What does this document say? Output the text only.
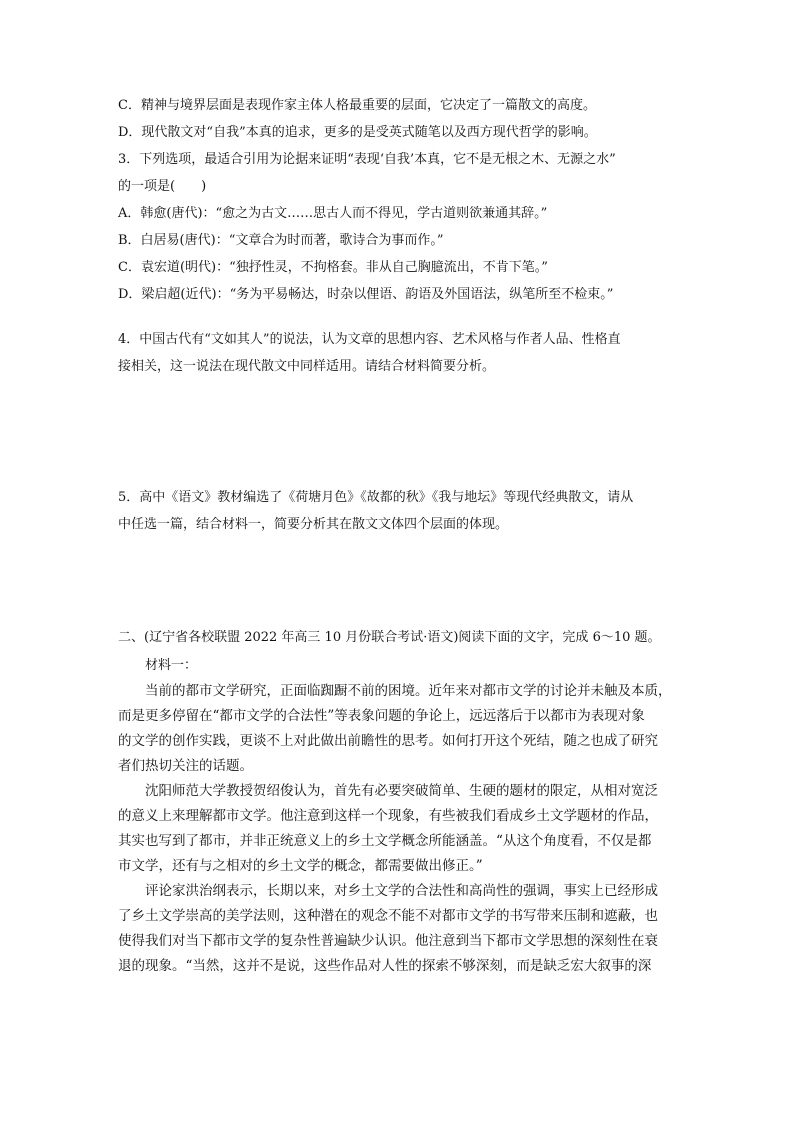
C．精神与境界层面是表现作家主体人格最重要的层面，它决定了一篇散文的高度。

D．现代散文对“自我”本真的追求，更多的是受英式随笔以及西方现代哲学的影响。

3．下列选项，最适合引用为论据来证明“表现‘自我’本真，它不是无根之木、无源之水”

的一项是(　　)

A．韩愈(唐代)：“愈之为古文……思古人而不得见，学古道则欲兼通其辞。”

B．白居易(唐代)：“文章合为时而著，歌诗合为事而作。”

C．袁宏道(明代)：“独抒性灵，不拘格套。非从自己胸臆流出，不肯下笔。”

D．梁启超(近代)：“务为平易畅达，时杂以俚语、韵语及外国语法，纵笔所至不检束。”

4．中国古代有“文如其人”的说法，认为文章的思想内容、艺术风格与作者人品、性格直

接相关，这一说法在现代散文中同样适用。请结合材料简要分析。

5．高中《语文》教材编选了《荷塘月色》《故都的秋》《我与地坛》等现代经典散文，请从

中任选一篇，结合材料一，简要分析其在散文文体四个层面的体现。

二、(辽宁省各校联盟 2022 年高三 10 月份联合考试·语文)阅读下面的文字，完成 6～10 题。

材料一：

当前的都市文学研究，正面临踟蹰不前的困境。近年来对都市文学的讨论并未触及本质，
而是更多停留在“都市文学的合法性”等表象问题的争论上，远远落后于以都市为表现对象
的文学的创作实践，更谈不上对此做出前瞻性的思考。如何打开这个死结，随之也成了研究
者们热切关注的话题。
沈阳师范大学教授贺绍俊认为，首先有必要突破简单、生硬的题材的限定，从相对宽泛
的意义上来理解都市文学。他注意到这样一个现象，有些被我们看成乡土文学题材的作品，
其实也写到了都市，并非正统意义上的乡土文学概念所能涵盖。“从这个角度看，不仅是都
市文学，还有与之相对的乡土文学的概念，都需要做出修正。”
评论家洪治纲表示，长期以来，对乡土文学的合法性和高尚性的强调，事实上已经形成
了乡土文学崇高的美学法则，这种潜在的观念不能不对都市文学的书写带来压制和遮蔽，也
使得我们对当下都市文学的复杂性普遍缺少认识。他注意到当下都市文学思想的深刻性在衰
退的现象。“当然，这并不是说，这些作品对人性的探索不够深刻，而是缺乏宏大叙事的深
